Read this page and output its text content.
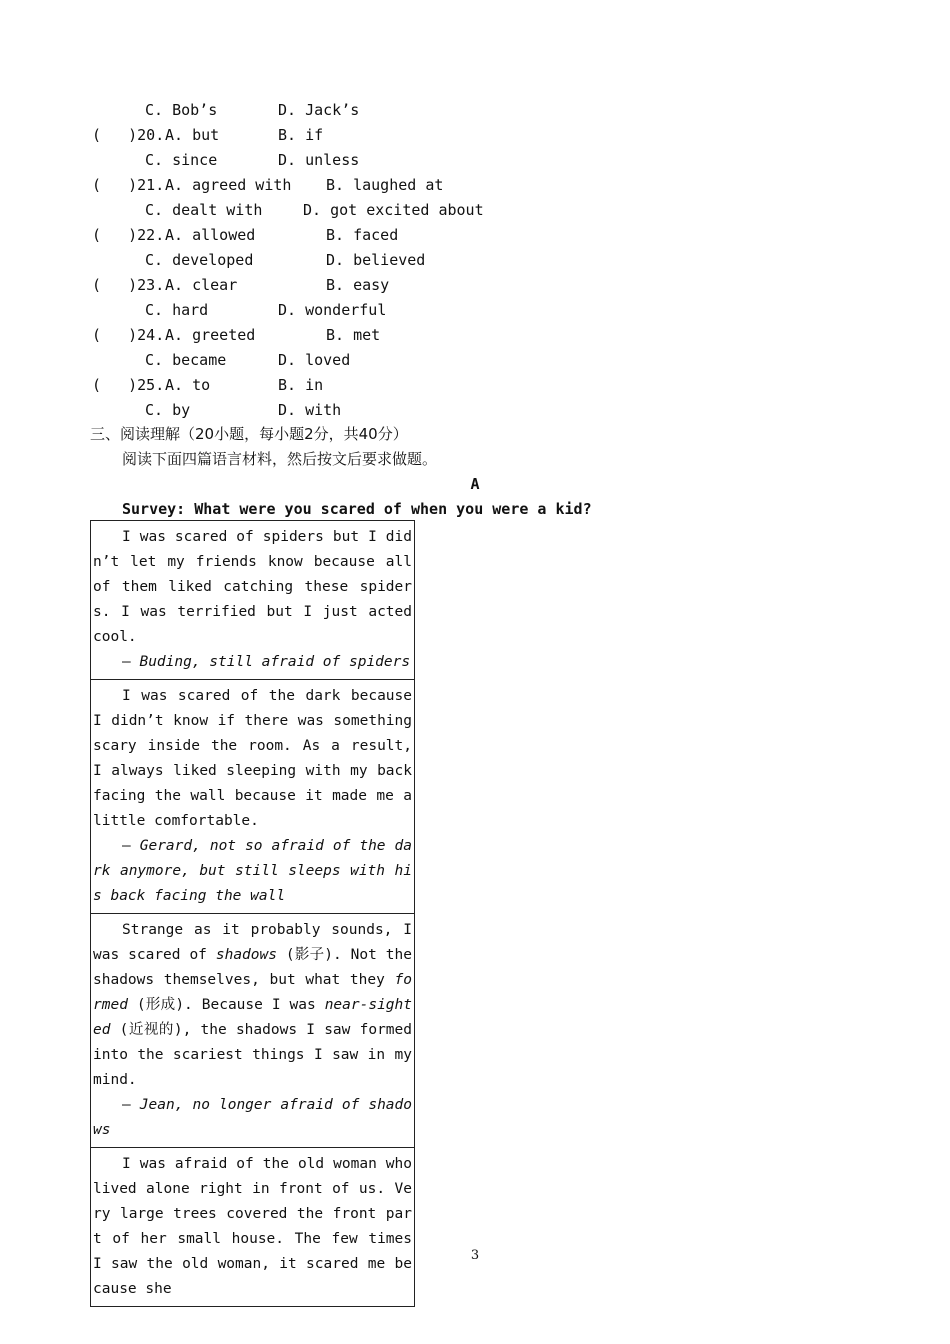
C. Bob’s	D. Jack’s
(   )20. A. but	B. if
C. since	D. unless
(   )21. A. agreed with B. laughed at
C. dealt with	D. got excited about
(   )22. A. allowed	B. faced
C. developed	D. believed
(   )23. A. clear	B. easy
C. hard	D. wonderful
(   )24. A. greeted	B. met
C. became	D. loved
(   )25. A. to	B. in
C. by	D. with
三、阅读理解（20小题，每小题2分，共40分）
阅读下面四篇语言材料，然后按文后要求做题。
A
Survey: What were you scared of when you were a kid?
I was scared of spiders but I didn’t let my friends know because all of them liked catching these spiders. I was terrified but I just acted cool.
— Buding, still afraid of spiders

I was scared of the dark because I didn’t know if there was something scary inside the room. As a result, I always liked sleeping with my back facing the wall because it made me a little comfortable.
— Gerard, not so afraid of the dark anymore, but still sleeps with his back facing the wall

Strange as it probably sounds, I was scared of shadows (影子). Not the shadows themselves, but what they formed (形成). Because I was near-sighted (近视的), the shadows I saw formed into the scariest things I saw in my mind.
— Jean, no longer afraid of shadows

I was afraid of the old woman who lived alone right in front of us. Very large trees covered the front part of her small house. The few times I saw the old woman, it scared me because she
3
